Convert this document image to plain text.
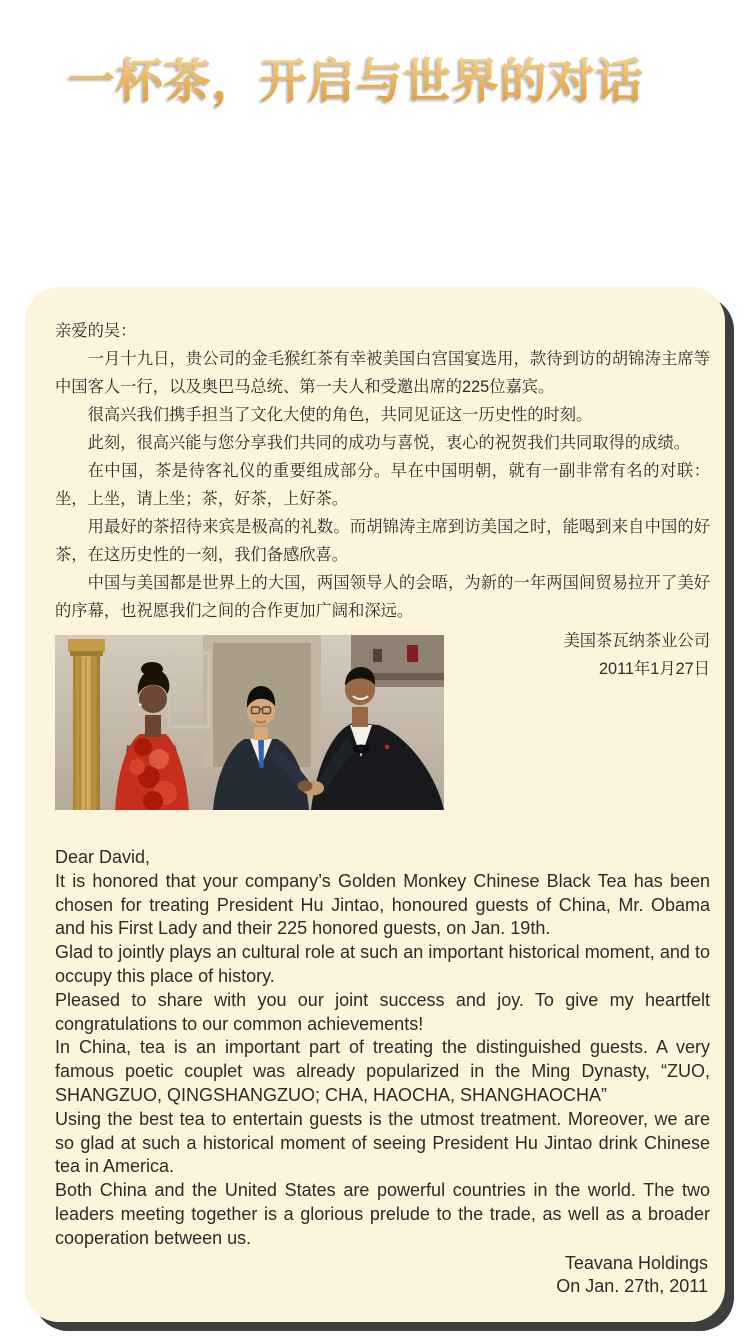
一杯茶，开启与世界的对话

亲爱的吴：

一月十九日，贵公司的金毛猴红茶有幸被美国白宫国宴选用，款待到访的胡锦涛主席等中国客人一行，以及奥巴马总统、第一夫人和受邀出席的225位嘉宾。

很高兴我们携手担当了文化大使的角色，共同见证这一历史性的时刻。

此刻，很高兴能与您分享我们共同的成功与喜悦，衷心的祝贺我们共同取得的成绩。

在中国，茶是待客礼仪的重要组成部分。早在中国明朝，就有一副非常有名的对联：坐，上坐，请上坐；茶，好茶，上好茶。

用最好的茶招待来宾是极高的礼数。而胡锦涛主席到访美国之时，能喝到来自中国的好茶，在这历史性的一刻，我们备感欣喜。

中国与美国都是世界上的大国，两国领导人的会晤，为新的一年两国间贸易拉开了美好的序幕，也祝愿我们之间的合作更加广阔和深远。

美国茶瓦纳茶业公司
2011年1月27日

Dear David,

It is honored that your company’s Golden Monkey Chinese Black Tea has been chosen for treating President Hu Jintao, honoured guests of China, Mr. Obama and his First Lady and their 225 honored guests, on Jan. 19th.

Glad to jointly plays an cultural role at such an important historical moment, and to occupy this place of history.

Pleased to share with you our joint success and joy. To give my heartfelt congratulations to our common achievements!

In China, tea is an important part of treating the distinguished guests. A very famous poetic couplet was already popularized in the Ming Dynasty, “ZUO, SHANGZUO, QINGSHANGZUO; CHA, HAOCHA, SHANGHAOCHA”

Using the best tea to entertain guests is the utmost treatment. Moreover, we are so glad at such a historical moment of seeing President Hu Jintao drink Chinese tea in America.

Both China and the United States are powerful countries in the world. The two leaders meeting together is a glorious prelude to the trade, as well as a broader cooperation between us.

Teavana Holdings
On Jan. 27th, 2011
